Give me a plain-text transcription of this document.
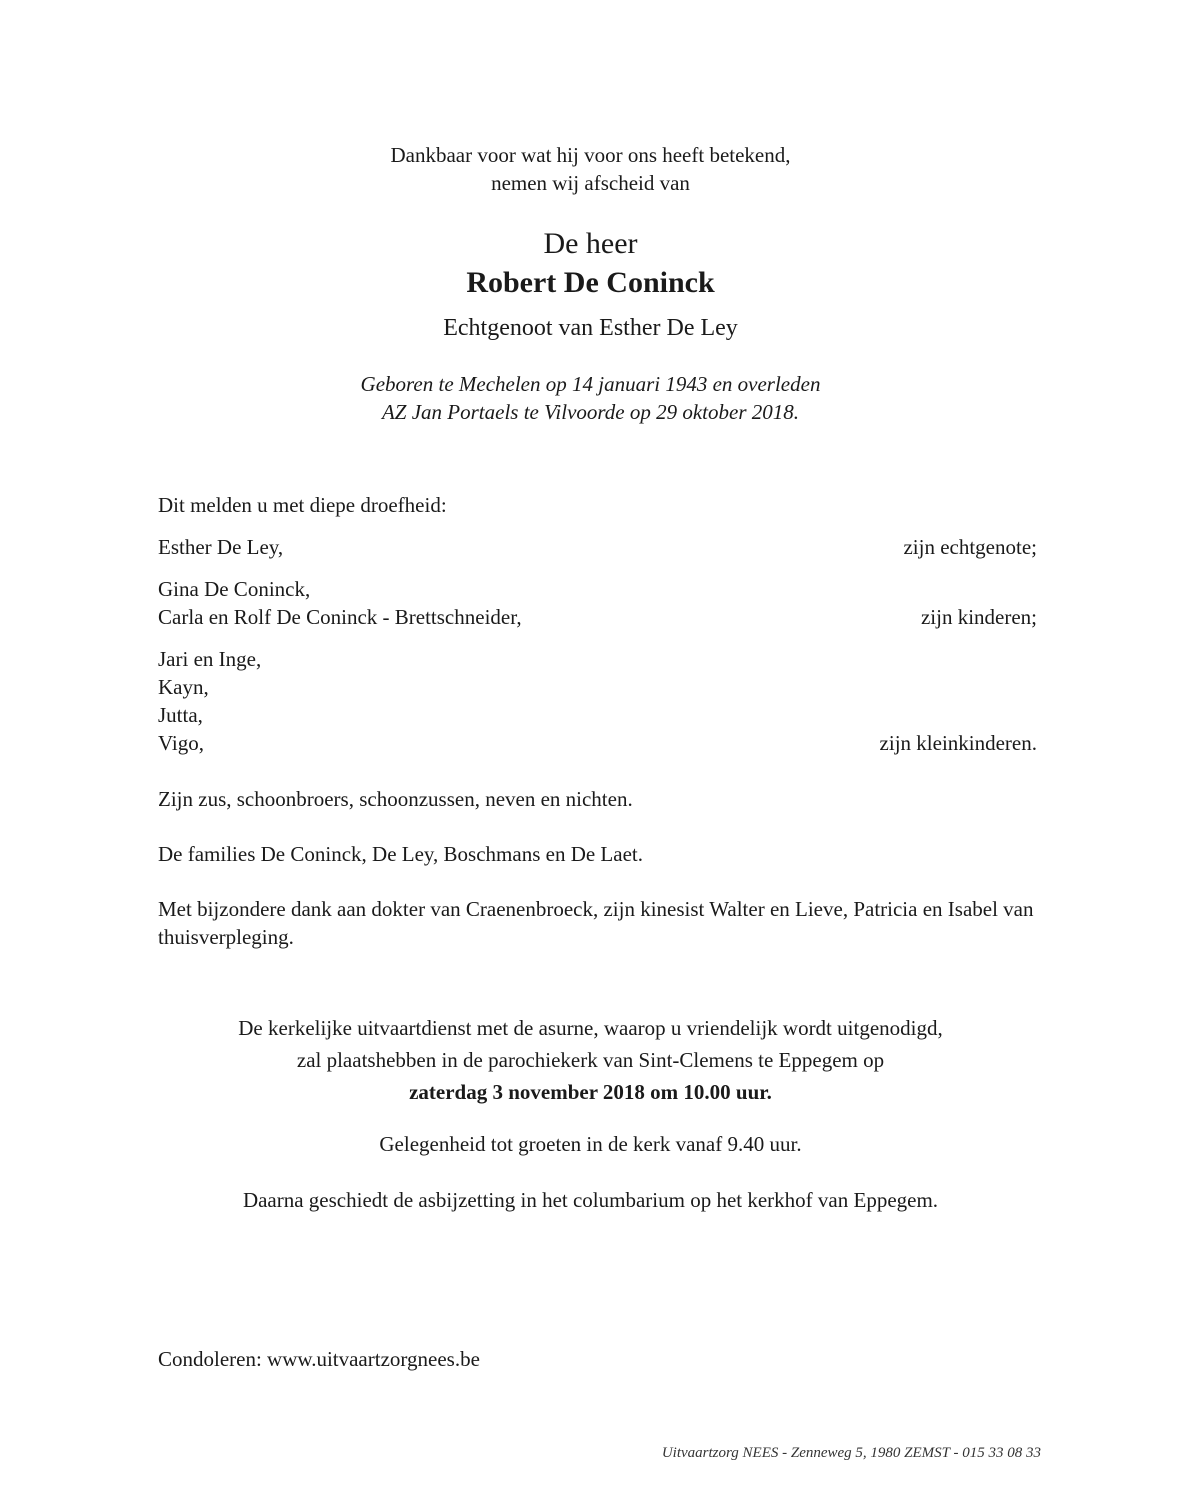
Dankbaar voor wat hij voor ons heeft betekend,
nemen wij afscheid van
De heer
Robert De Coninck
Echtgenoot van Esther De Ley
Geboren te Mechelen op 14 januari 1943 en overleden
AZ Jan Portaels te Vilvoorde op 29 oktober 2018.
Dit melden u met diepe droefheid:
Esther De Ley,	zijn echtgenote;
Gina De Coninck,
Carla en Rolf De Coninck - Brettschneider,	zijn kinderen;
Jari en Inge,
Kayn,
Jutta,
Vigo,	zijn kleinkinderen.
Zijn zus, schoonbroers, schoonzussen, neven en nichten.
De families De Coninck, De Ley, Boschmans en De Laet.
Met bijzondere dank aan dokter van Craenenbroeck, zijn kinesist Walter en Lieve, Patricia en Isabel van thuisverpleging.
De kerkelijke uitvaartdienst met de asurne, waarop u vriendelijk wordt uitgenodigd,
zal plaatshebben in de parochiekerk van Sint-Clemens te Eppegem op
zaterdag 3 november 2018 om 10.00 uur.
Gelegenheid tot groeten in de kerk vanaf 9.40 uur.
Daarna geschiedt de asbijzetting in het columbarium op het kerkhof van Eppegem.
Condoleren: www.uitvaartzorgnees.be
Uitvaartzorg NEES - Zenneweg 5, 1980 ZEMST - 015 33 08 33
